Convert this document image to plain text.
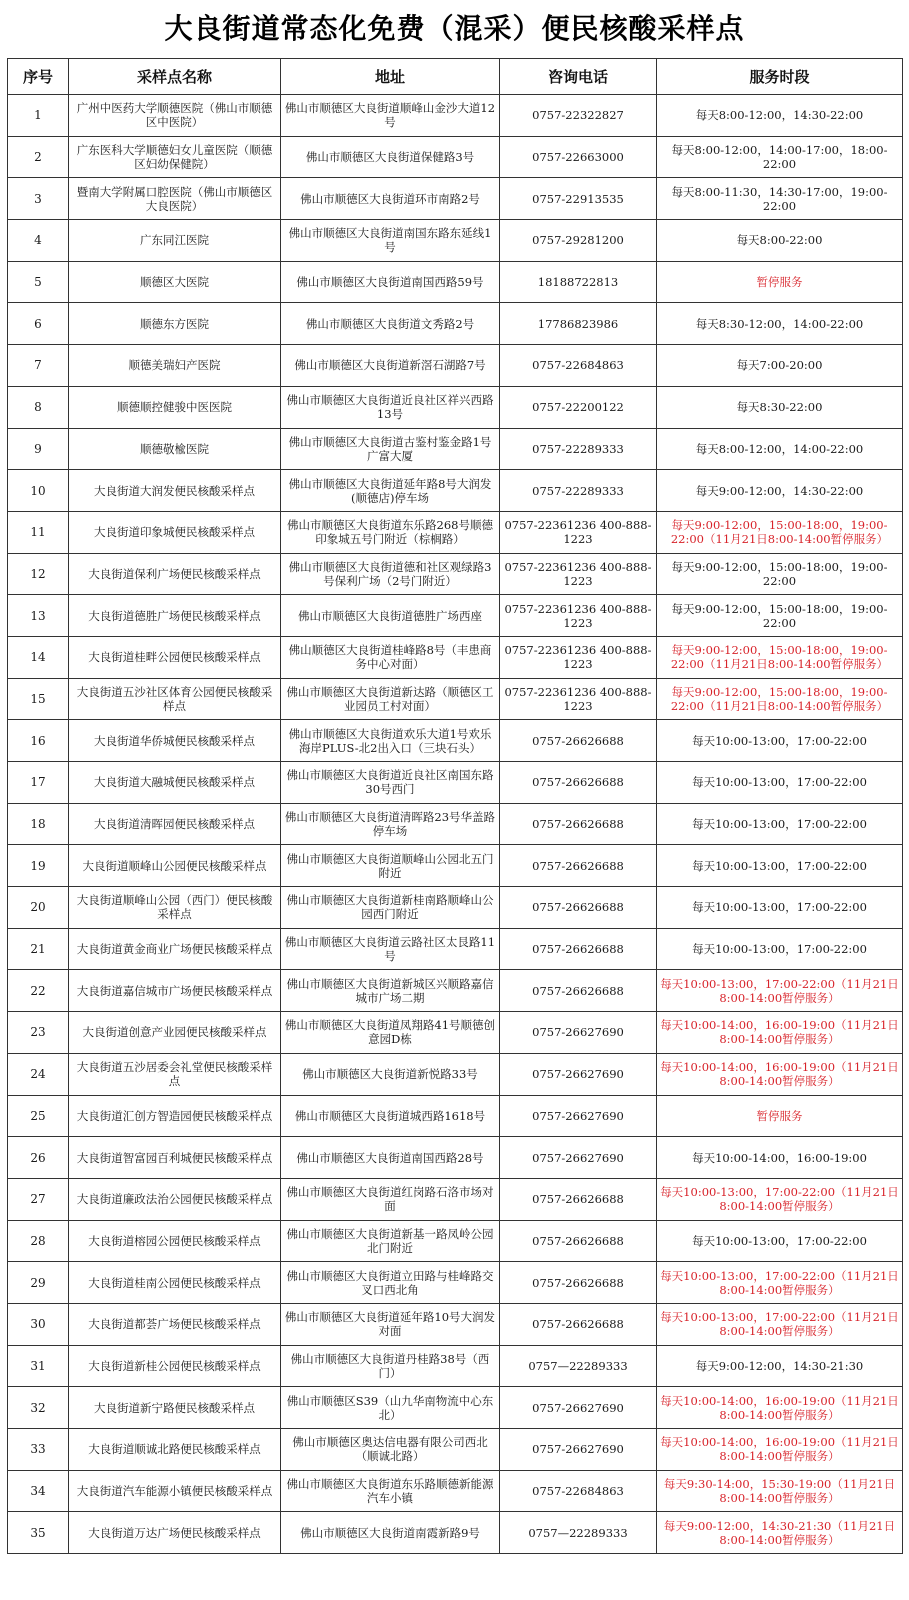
大良街道常态化免费（混采）便民核酸采样点
序号	采样点名称	地址	咨询电话	服务时段
1	广州中医药大学顺德医院（佛山市顺德区中医院）	佛山市顺德区大良街道顺峰山金沙大道12号	0757-22322827	每天8:00-12:00，14:30-22:00
2	广东医科大学顺德妇女儿童医院（顺德区妇幼保健院）	佛山市顺德区大良街道保健路3号	0757-22663000	每天8:00-12:00，14:00-17:00，18:00-22:00
3	暨南大学附属口腔医院（佛山市顺德区大良医院）	佛山市顺德区大良街道环市南路2号	0757-22913535	每天8:00-11:30，14:30-17:00，19:00-22:00
4	广东同江医院	佛山市顺德区大良街道南国东路东延线1号	0757-29281200	每天8:00-22:00
5	顺德区大医院	佛山市顺德区大良街道南国西路59号	18188722813	暂停服务
6	顺德东方医院	佛山市顺德区大良街道文秀路2号	17786823986	每天8:30-12:00，14:00-22:00
7	顺德美瑞妇产医院	佛山市顺德区大良街道新滘石湖路7号	0757-22684863	每天7:00-20:00
8	顺德顺控健骏中医医院	佛山市顺德区大良街道近良社区祥兴西路13号	0757-22200122	每天8:30-22:00
9	顺德敬楡医院	佛山市顺德区大良街道古鉴村鉴金路1号广富大厦	0757-22289333	每天8:00-12:00，14:00-22:00
10	大良街道大润发便民核酸采样点	佛山市顺德区大良街道延年路8号大润发(顺德店)停车场	0757-22289333	每天9:00-12:00，14:30-22:00
11	大良街道印象城便民核酸采样点	佛山市顺德区大良街道东乐路268号顺德印象城五号门附近（棕榈路）	0757-22361236 400-888-1223	每天9:00-12:00，15:00-18:00，19:00-22:00（11月21日8:00-14:00暂停服务）
12	大良街道保利广场便民核酸采样点	佛山市顺德区大良街道德和社区观绿路3号保利广场（2号门附近）	0757-22361236 400-888-1223	每天9:00-12:00，15:00-18:00，19:00-22:00
13	大良街道德胜广场便民核酸采样点	佛山市顺德区大良街道德胜广场西座	0757-22361236 400-888-1223	每天9:00-12:00，15:00-18:00，19:00-22:00
14	大良街道桂畔公园便民核酸采样点	佛山顺德区大良街道桂峰路8号（丰患商务中心对面）	0757-22361236 400-888-1223	每天9:00-12:00，15:00-18:00，19:00-22:00（11月21日8:00-14:00暂停服务）
15	大良街道五沙社区体育公园便民核酸采样点	佛山市顺德区大良街道新达路（顺德区工业园员工村对面）	0757-22361236 400-888-1223	每天9:00-12:00，15:00-18:00，19:00-22:00（11月21日8:00-14:00暂停服务）
16	大良街道华侨城便民核酸采样点	佛山市顺德区大良街道欢乐大道1号欢乐海岸PLUS-北2出入口（三块石头）	0757-26626688	每天10:00-13:00，17:00-22:00
17	大良街道大融城便民核酸采样点	佛山市顺德区大良街道近良社区南国东路30号西门	0757-26626688	每天10:00-13:00，17:00-22:00
18	大良街道清晖园便民核酸采样点	佛山市顺德区大良街道清晖路23号华盖路停车场	0757-26626688	每天10:00-13:00，17:00-22:00
19	大良街道顺峰山公园便民核酸采样点	佛山市顺德区大良街道顺峰山公园北五门附近	0757-26626688	每天10:00-13:00，17:00-22:00
20	大良街道顺峰山公园（西门）便民核酸采样点	佛山市顺德区大良街道新桂南路顺峰山公园西门附近	0757-26626688	每天10:00-13:00，17:00-22:00
21	大良街道黄金商业广场便民核酸采样点	佛山市顺德区大良街道云路社区太艮路11号	0757-26626688	每天10:00-13:00，17:00-22:00
22	大良街道嘉信城市广场便民核酸采样点	佛山市顺德区大良街道新城区兴顺路嘉信城市广场二期	0757-26626688	每天10:00-13:00，17:00-22:00（11月21日8:00-14:00暂停服务）
23	大良街道创意产业园便民核酸采样点	佛山市顺德区大良街道凤翔路41号顺德创意园D栋	0757-26627690	每天10:00-14:00，16:00-19:00（11月21日8:00-14:00暂停服务）
24	大良街道五沙居委会礼堂便民核酸采样点	佛山市顺德区大良街道新悦路33号	0757-26627690	每天10:00-14:00，16:00-19:00（11月21日8:00-14:00暂停服务）
25	大良街道汇创方智造园便民核酸采样点	佛山市顺德区大良街道城西路1618号	0757-26627690	暂停服务
26	大良街道智富园百利城便民核酸采样点	佛山市顺德区大良街道南国西路28号	0757-26627690	每天10:00-14:00，16:00-19:00
27	大良街道廉政法治公园便民核酸采样点	佛山市顺德区大良街道红岗路石洛市场对面	0757-26626688	每天10:00-13:00，17:00-22:00（11月21日8:00-14:00暂停服务）
28	大良街道榕园公园便民核酸采样点	佛山市顺德区大良街道新基一路凤岭公园北门附近	0757-26626688	每天10:00-13:00，17:00-22:00
29	大良街道桂南公园便民核酸采样点	佛山市顺德区大良街道立田路与桂峰路交叉口西北角	0757-26626688	每天10:00-13:00，17:00-22:00（11月21日8:00-14:00暂停服务）
30	大良街道都荟广场便民核酸采样点	佛山市顺德区大良街道延年路10号大润发对面	0757-26626688	每天10:00-13:00，17:00-22:00（11月21日8:00-14:00暂停服务）
31	大良街道新桂公园便民核酸采样点	佛山市顺德区大良街道丹桂路38号（西门）	0757—22289333	每天9:00-12:00，14:30-21:30
32	大良街道新宁路便民核酸采样点	佛山市顺德区S39（山九华南物流中心东北）	0757-26627690	每天10:00-14:00，16:00-19:00（11月21日8:00-14:00暂停服务）
33	大良街道顺诚北路便民核酸采样点	佛山市顺德区奥达信电器有限公司西北（顺诚北路）	0757-26627690	每天10:00-14:00，16:00-19:00（11月21日8:00-14:00暂停服务）
34	大良街道汽车能源小镇便民核酸采样点	佛山市顺德区大良街道东乐路顺德新能源汽车小镇	0757-22684863	每天9:30-14:00，15:30-19:00（11月21日8:00-14:00暂停服务）
35	大良街道万达广场便民核酸采样点	佛山市顺德区大良街道南霞新路9号	0757—22289333	每天9:00-12:00，14:30-21:30（11月21日8:00-14:00暂停服务）
